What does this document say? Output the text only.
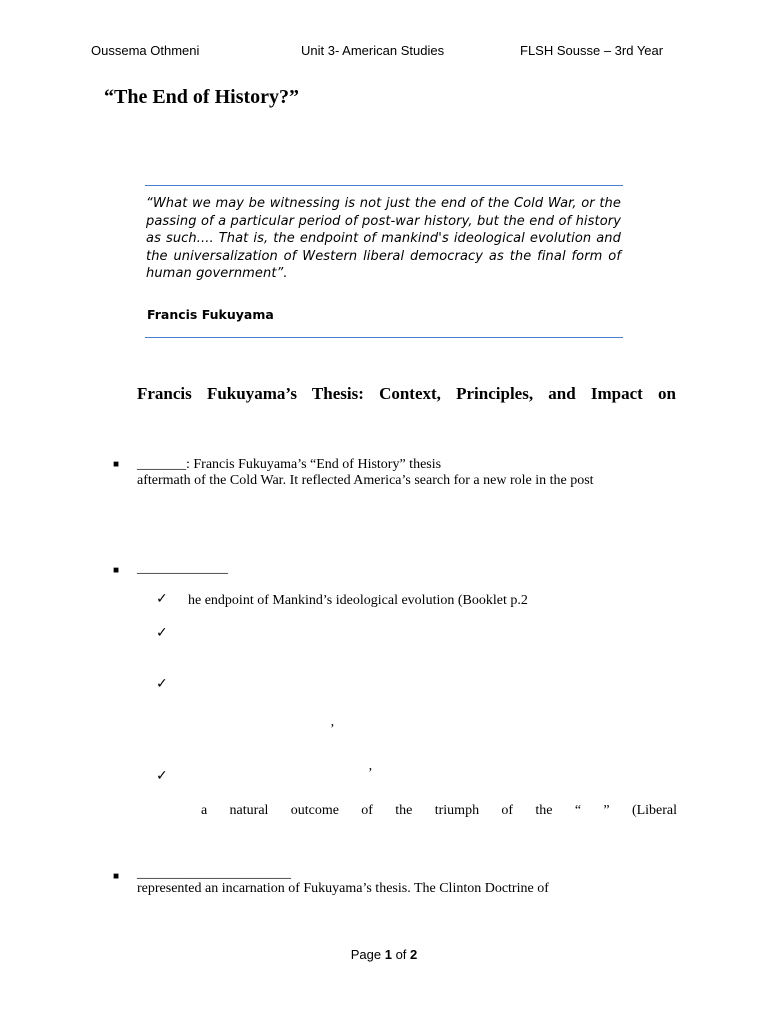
Oussema Othmeni	Unit 3- American Studies	FLSH Sousse – 3rd Year
“The End of History?”
“What we may be witnessing is not just the end of the Cold War, or the passing of a particular period of post-war history, but the end of history as such.... That is, the endpoint of mankind's ideological evolution and the universalization of Western liberal democracy as the final form of human government”.
Francis Fukuyama
Francis Fukuyama’s Thesis: Context, Principles, and Impact on
■ _______: Francis Fukuyama’s “End of History” thesis
aftermath of the Cold War. It reflected America’s search for a new role in the post
■ _____________
✓ he endpoint of Mankind’s ideological evolution (Booklet p.2
✓
✓
’
✓	’
a natural outcome of the triumph of the “ ” (Liberal
■ ______________________
represented an incarnation of Fukuyama’s thesis. The Clinton Doctrine of
Page 1 of 2
